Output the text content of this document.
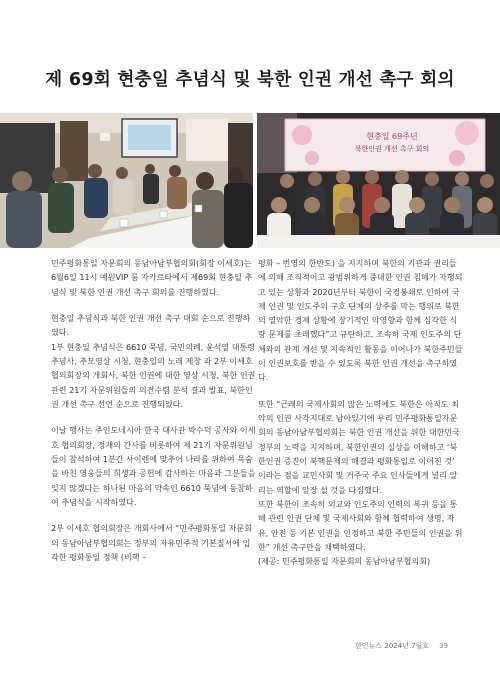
제 69회 현충일 추념식 및 북한 인권 개선 촉구 회의
현충일 69주년
북한인권 개선 촉구 회의

민주평화통일 자문회의 동남아남부협의회(회장 이세호)는 6월6일 11시 예원VIP 룸 자카르타에서 제69회 현충일 추념식 및 북한 인권 개선 촉구 회의를 진행하였다.

현충일 추념식과 북한 인권 개선 촉구 대회 순으로 진행하였다.
1부 현충일 추념식은 6610 묵념, 국민의례, 윤석열 대통령 추념사, 추모영상 시청, 현충일의 노래 제창 과 2부 이세호 협의회장의 개회사, 북한 인권에 대한 영상 시청, 북한 인권 관련 21기 자문위원들의 의견수렴 분석 결과 발표, 북한인권 개선 촉구 선언 순으로 진행되었다.

이날 행사는 주인도네시아 한국 대사관 박수덕 공사와 이세호 협의회장, 정재의 간사를 비롯하여 제 21기 자문위원님들이 참석하여 1분간 사이렌에 맞추어 나라를 위하여 목숨을 바친 영웅들의 희생과 공헌에 감사하는 마음과 그분들을 잊지 않겠다는 하나된 마음의 약속인 6610 묵념에 동참하여 추념식을 시작하였다.

2부 이세호 협의회장은 개회사에서 “민주평화통일 자문회의 동남아남부협의회는 정부의 자유민주적 기본질서에 입각한 평화통일 정책 (비핵 –

평화 – 번영의 한반도) 을 지지하며 북한의 기관과 권리들에 의해 조직적이고 광범위하게 중대한 인권 침해가 자행되고 있는 상황과 2020년부터 북한이 국경봉쇄로 인하여 국제 인권 및 인도주의 구호 단체의 상주를 막는 행위로 북한의 열악한 경제 상황에 장기적인 악영향과 함께 심각한 식량 문제를 초래했다”고 규탄하고, 조속히 국제 인도주의 단체와의 관계 개선 및 지속적인 활동을 이어나가 북한주민들이 인권보호를 받을 수 있도록 북한 인권 개선을 촉구하였다.

또한 “근래의 국제사회의 많은 노력에도 북한은 아직도 최악의 인권 사각지대로 남아있기에 우리 민주평화통일자문회의 동남아남부협의회는 북한 인권 개선을 위한 대한민국 정부의 노력을 지지하며, 북한인권의 실상을 이해하고 ‘북한인권 증진이 북핵문제의 해결과 평화통일로 이어진 것’ 이라는 점을 교민사회 및 거주국 주요 인사들에게 널리 알리는 역할에 앞장 설 것을 다짐했다.
또한 북한이 조속히 외교와 인도주의 인력의 복귀 등을 통해 관련 인권 단체 및 국제사회와 함께 협력하여 생명, 자유, 안전 등 기본 인권을 인정하고 북한 주민들의 인권을 위한” 개선 촉구만을 채택하였다.
(제공: 민주평화통일 자문회의 동남아남부협의회)

한인뉴스 2024년 7월호 39
